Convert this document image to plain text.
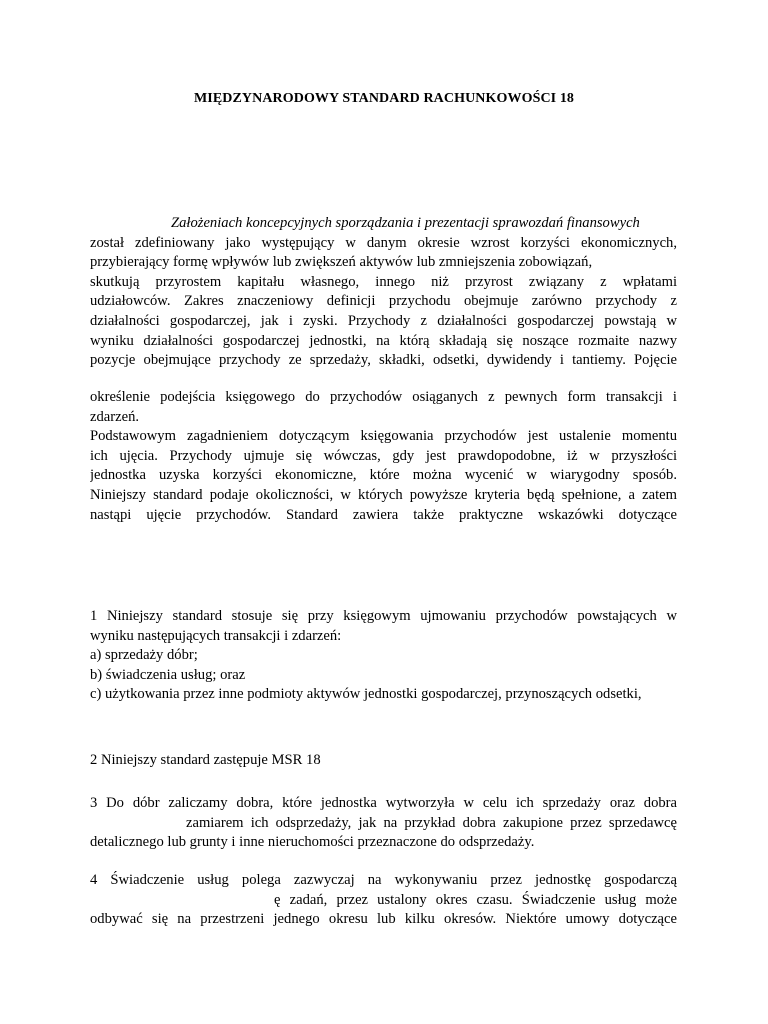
MIĘDZYNARODOWY STANDARD RACHUNKOWOŚCI 18
Założeniach koncepcyjnych sporządzania i prezentacji sprawozdań finansowych
został zdefiniowany jako występujący w danym okresie wzrost korzyści ekonomicznych,
przybierający formę wpływów lub zwiększeń aktywów lub zmniejszenia zobowiązań,
skutkują przyrostem kapitału własnego, innego niż przyrost związany z wpłatami
udziałowców. Zakres znaczeniowy definicji przychodu obejmuje zarówno przychody z
działalności gospodarczej, jak i zyski. Przychody z działalności gospodarczej powstają w
wyniku działalności gospodarczej jednostki, na którą składają się noszące rozmaite nazwy
pozycje obejmujące przychody ze sprzedaży, składki, odsetki, dywidendy i tantiemy. Pojęcie
określenie podejścia księgowego do przychodów osiąganych z pewnych form transakcji i
zdarzeń.
Podstawowym zagadnieniem dotyczącym księgowania przychodów jest ustalenie momentu
ich ujęcia. Przychody ujmuje się wówczas, gdy jest prawdopodobne, iż w przyszłości
jednostka uzyska korzyści ekonomiczne, które można wycenić w wiarygodny sposób.
Niniejszy standard podaje okoliczności, w których powyższe kryteria będą spełnione, a zatem
nastąpi ujęcie przychodów. Standard zawiera także praktyczne wskazówki dotyczące
1 Niniejszy standard stosuje się przy księgowym ujmowaniu przychodów powstających w
wyniku następujących transakcji i zdarzeń:
a) sprzedaży dóbr;
b) świadczenia usług; oraz
c) użytkowania przez inne podmioty aktywów jednostki gospodarczej, przynoszących odsetki,
2 Niniejszy standard zastępuje MSR 18
3 Do dóbr zaliczamy dobra, które jednostka wytworzyła w celu ich sprzedaży oraz dobra
zamiarem ich odsprzedaży, jak na przykład dobra zakupione przez sprzedawcę
detalicznego lub grunty i inne nieruchomości przeznaczone do odsprzedaży.
4 Świadczenie usług polega zazwyczaj na wykonywaniu przez jednostkę gospodarczą
ę zadań, przez ustalony okres czasu. Świadczenie usług może
odbywać się na przestrzeni jednego okresu lub kilku okresów. Niektóre umowy dotyczące
